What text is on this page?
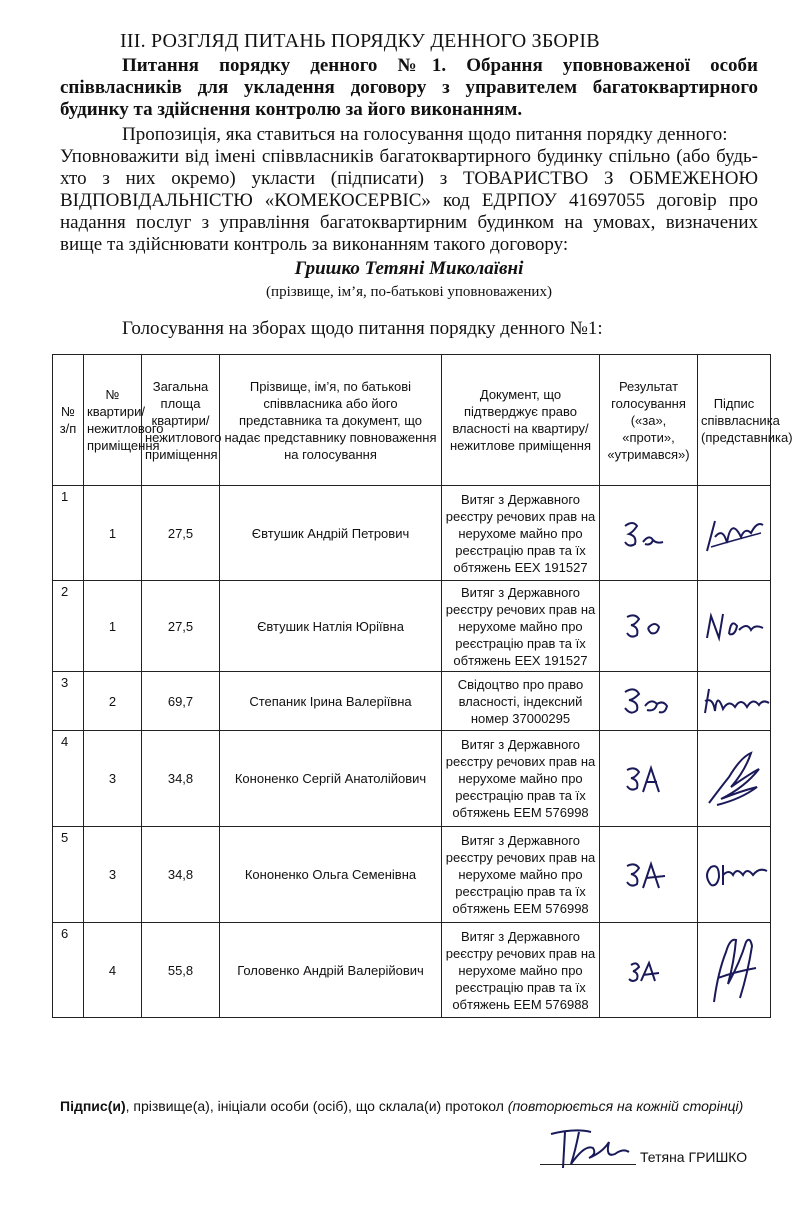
ІІІ. РОЗГЛЯД ПИТАНЬ ПОРЯДКУ ДЕННОГО ЗБОРІВ
Питання порядку денного №1. Обрання уповноваженої особи співвласників для укладення договору з управителем багатоквартирного будинку та здійснення контролю за його виконанням.
Пропозиція, яка ставиться на голосування щодо питання порядку денного:
Уповноважити від імені співвласників багатоквартирного будинку спільно (або будь-хто з них окремо) укласти (підписати) з ТОВАРИСТВО З ОБМЕЖЕНОЮ ВІДПОВІДАЛЬНІСТЮ «КОМЕКОСЕРВІС» код ЕДРПОУ 41697055 договір про надання послуг з управління багатоквартирним будинком на умовах, визначених вище та здійснювати контроль за виконанням такого договору:
Гришко Тетяні Миколаївні
(прізвище, ім’я, по-батькові уповноважених)
Голосування на зборах щодо питання порядку денного №1:
№ з/п	№ квартири/ нежитлового приміщення	Загальна площа квартири/ нежитлового приміщення	Прізвище, ім’я, по батькові співвласника або його представника та документ, що надає представнику повноваження на голосування	Документ, що підтверджує право власності на квартиру/ нежитлове приміщення	Результат голосування («за», «проти», «утримався»)	Підпис співвласника (представника)
1	1	27,5	Євтушик Андрій Петрович	Витяг з Державного реєстру речових прав на нерухоме майно про реєстрацію прав та їх обтяжень ЕЕХ 191527	

2	1	27,5	Євтушик Натлія Юріївна	Витяг з Державного реєстру речових прав на нерухоме майно про реєстрацію прав та їх обтяжень ЕЕХ 191527	

3	2	69,7	Степаник Ірина Валеріївна	Свідоцтво про право власності, індексний номер 37000295	

4	3	34,8	Кононенко Сергій Анатолійович	Витяг з Державного реєстру речових прав на нерухоме майно про реєстрацію прав та їх обтяжень ЕЕМ 576998	

5	3	34,8	Кононенко Ольга Семенівна	Витяг з Державного реєстру речових прав на нерухоме майно про реєстрацію прав та їх обтяжень ЕЕМ 576998	

6	4	55,8	Головенко Андрій Валерійович	Витяг з Державного реєстру речових прав на нерухоме майно про реєстрацію прав та їх обтяжень ЕЕМ 576988	

Підпис(и), прізвище(а), ініціали особи (осіб), що склала(и) протокол (повторюється на кожній сторінці)
Тетяна ГРИШКО
